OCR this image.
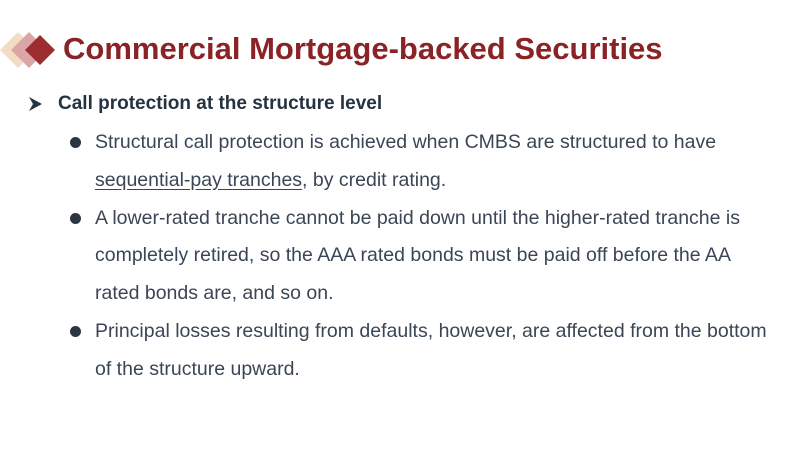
Commercial Mortgage-backed Securities
Call protection at the structure level
Structural call protection is achieved when CMBS are structured to have sequential-pay tranches, by credit rating.
A lower-rated tranche cannot be paid down until the higher-rated tranche is completely retired, so the AAA rated bonds must be paid off before the AA rated bonds are, and so on.
Principal losses resulting from defaults, however, are affected from the bottom of the structure upward.
